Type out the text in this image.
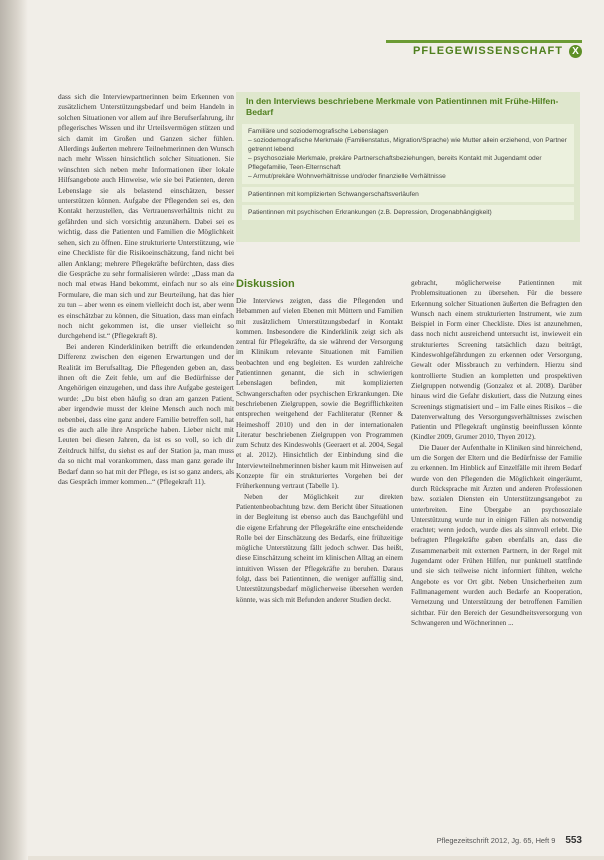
PFLEGEWISSENSCHAFT X

dass sich die Interviewpartnerinnen beim Erkennen von zusätzlichem Unterstützungsbedarf und beim Handeln in solchen Situationen vor allem auf ihre Berufserfahrung, ihr pflegerisches Wissen und ihr Urteilsvermögen stützen und sich damit im Großen und Ganzen sicher fühlen. Allerdings äußerten mehrere Teilnehmerinnen den Wunsch nach mehr Wissen hinsichtlich solcher Situationen. Sie wünschten sich neben mehr Informationen über lokale Hilfsangebote auch Hinweise, wie sie bei Patienten, deren Lebenslage sie als belastend einschätzen, besser unterstützen können. Aufgabe der Pflegenden sei es, den Kontakt herzustellen, das Vertrauensverhältnis nicht zu gefährden und sich vorsichtig anzunähern. Dabei sei es wichtig, dass die Patienten und Familien die Möglichkeit sehen, sich zu öffnen. Eine strukturierte Unterstützung, wie eine Checkliste für die Risikoeinschätzung, fand nicht bei allen Anklang; mehrere Pflegekräfte befürchten, dass dies die Gespräche zu sehr formalisieren würde: „Dass man da noch mal etwas Hand bekommt, einfach nur so als eine Formulare, die man sich und zur Beurteilung, hat das hier zu tun – aber wenn es einem vielleicht doch ist, aber wenn es einschätzbar zu können, die Situation, dass man einfach noch nicht gekommen ist, die unser vielleicht so durchgehend ist.“ (Pflegekraft 8).

Bei anderen Kinderkliniken betrifft die erkundenden Differenz zwischen den eigenen Erwartungen und der Realität im Berufsalltag. Die Pflegenden geben an, dass ihnen oft die Zeit fehle, um auf die Bedürfnisse der Angehörigen einzugehen, und dass ihre Aufgabe gesteigert wurde: „Du bist eben häufig so dran am ganzen Patient, aber irgendwie musst der kleine Mensch auch noch mit nebenbei, dass eine ganz andere Familie betreffen soll, hat es die auch alle ihre Ansprüche haben. Lieber nicht mit Leuten bei diesen Jahren, da ist es so voll, so ich dir Zeitdruck hilfst, du siehst es auf der Station ja, man muss da so nicht mal vorankommen, dass man ganz gerade ihr Bedarf dann so hat mit der Pflege, es ist so ganz anders, als das Gespräch immer kommen...“ (Pflegekraft 11).

In den Interviews beschriebene Merkmale von Patientinnen mit Frühe-Hilfen-Bedarf
Familiäre und soziodemografische Lebenslagen
– soziodemografische Merkmale (Familienstatus, Migration/Sprache) wie Mutter allein erziehend, von Partner getrennt lebend
– psychosoziale Merkmale, prekäre Partnerschaftsbeziehungen, bereits Kontakt mit Jugendamt oder Pflegefamilie, Teen-Elternschaft
– Armut/prekäre Wohnverhältnisse und/oder finanzielle Verhältnisse
Patientinnen mit komplizierten Schwangerschaftsverläufen
Patientinnen mit psychischen Erkrankungen (z.B. Depression, Drogenabhängigkeit)
Diskussion

Die Interviews zeigten, dass die Pflegenden und Hebammen auf vielen Ebenen mit Müttern und Familien mit zusätzlichem Unterstützungsbedarf in Kontakt kommen. Insbesondere die Kinderklinik zeigt sich als zentral für Pflegekräfte, da sie während der Versorgung im Klinikum relevante Situationen mit Familien beobachten und eng begleiten. Es wurden zahlreiche Patientinnen genannt, die sich in schwierigen Lebenslagen befinden, mit komplizierten Schwangerschaften oder psychischen Erkrankungen. Die beschriebenen Zielgruppen, sowie die Begrifflichkeiten entsprechen weitgehend der Fachliteratur (Renner & Heimeshoff 2010) und den in der internationalen Literatur beschriebenen Zielgruppen von Programmen zum Schutz des Kindeswohls (Geeraert et al. 2004, Segal et al. 2012). Hinsichtlich der Einbindung sind die Interviewteilnehmerinnen bisher kaum mit Hinweisen auf Konzepte für ein strukturiertes Vorgehen bei der Früherkennung vertraut (Tabelle 1).

Neben der Möglichkeit zur direkten Patientenbeobachtung bzw. dem Bericht über Situationen in der Begleitung ist ebenso auch das Bauchgefühl und die eigene Erfahrung der Pflegekräfte eine entscheidende Rolle bei der Einschätzung des Bedarfs, eine frühzeitige mögliche Unterstützung fällt jedoch schwer. Das heißt, diese Einschätzung scheint im klinischen Alltag an einem intuitiven Wissen der Pflegekräfte zu beruhen. Daraus folgt, dass bei Patientinnen, die weniger auffällig sind, Unterstützungsbedarf möglicherweise übersehen werden könnte, was sich mit Befunden anderer Studien deckt.

gebracht, möglicherweise Patientinnen mit Problemsituationen zu übersehen. Für die bessere Erkennung solcher Situationen äußerten die Befragten den Wunsch nach einem strukturierten Instrument, wie zum Beispiel in Form einer Checkliste. Dies ist anzunehmen, dass noch nicht ausreichend untersucht ist, inwieweit ein strukturiertes Screening tatsächlich dazu beiträgt, Kindeswohlgefährdungen zu erkennen oder Versorgung, Gewalt oder Missbrauch zu verhindern. Hierzu sind kontrollierte Studien an kompletten und prospektiven Zielgruppen notwendig (Gonzalez et al. 2008). Darüber hinaus wird die Gefahr diskutiert, dass die Nutzung eines Screenings stigmatisiert und – im Falle eines Risikos – die Datenverwaltung des Versorgungsverhältnisses zwischen Patientin und Pflegekraft ungünstig beeinflussen könnte (Kindler 2009, Grumer 2010, Thyen 2012).

Die Dauer der Aufenthalte in Kliniken sind hinreichend, um die Sorgen der Eltern und die Bedürfnisse der Familie zu erkennen. Im Hinblick auf Einzelfälle mit ihrem Bedarf wurde von den Pflegenden die Möglichkeit eingeräumt, durch Rücksprache mit Ärzten und anderen Professionen bzw. sozialen Diensten ein Unterstützungsangebot zu unterbreiten. Eine Übergabe an psychosoziale Unterstützung wurde nur in einigen Fällen als notwendig erachtet; wenn jedoch, wurde dies als sinnvoll erlebt. Die befragten Pflegekräfte gaben ebenfalls an, dass die Zusammenarbeit mit externen Partnern, in der Regel mit Jugendamt oder Frühen Hilfen, nur punktuell stattfinde und sie sich teilweise nicht informiert fühlten, welche Angebote es vor Ort gibt. Neben Unsicherheiten zum Fallmanagement wurden auch Bedarfe an Kooperation, Vernetzung und Unterstützung der betroffenen Familien sichtbar. Für den Bereich der Gesundheitsversorgung von Schwangeren und Wöchnerinnen ...

Pflegezeitschrift 2012, Jg. 65, Heft 9 553
